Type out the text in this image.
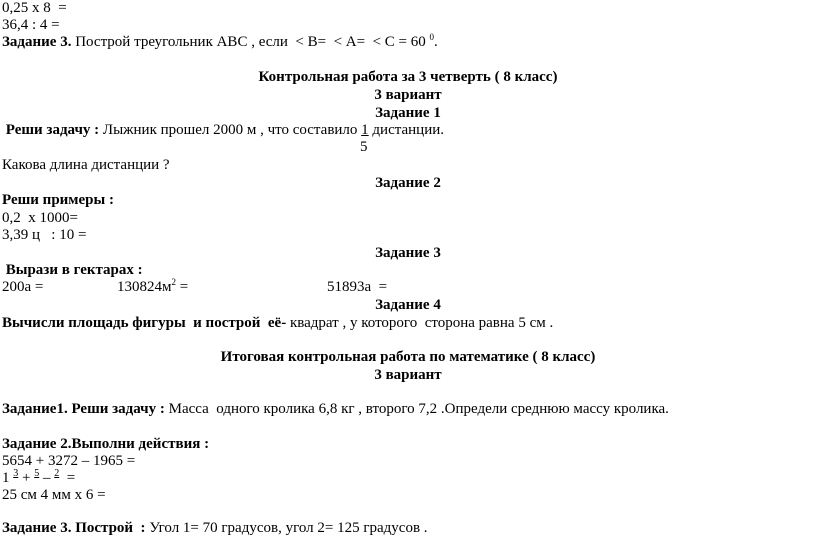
0,25 х 8  =
36,4 : 4 =
Задание 3. Построй треугольник АВС , если  < В=  < А=  < С = 60 $^0$.
Контрольная работа за 3 четверть ( 8 класс)
3 вариант
Задание 1
Реши задачу : Лыжник прошел 2000 м , что составило 1 дистанции.
5
Какова длина дистанции ?
Задание 2
Реши примеры :
0,2  х 1000=
3,39 ц   : 10 =
Задание 3
Вырази в гектарах :
200а =	$130824м^2$ =	51893а  =
Задание 4
Вычисли площадь фигуры  и построй  её- квадрат , у которого  сторона равна 5 см .
Итоговая контрольная работа по математике ( 8 класс)
3 вариант
Задание1. Реши задачу : Масса  одного кролика 6,8 кг , второго 7,2 .Определи среднюю массу кролика.
Задание 2.Выполни действия :
5654 + 3272 – 1965 =
1 $^3$ + $^5$ – $^2$  =
25 см 4 мм х 6 =
Задание 3. Построй  : Угол 1= 70 градусов, угол 2= 125 градусов .
